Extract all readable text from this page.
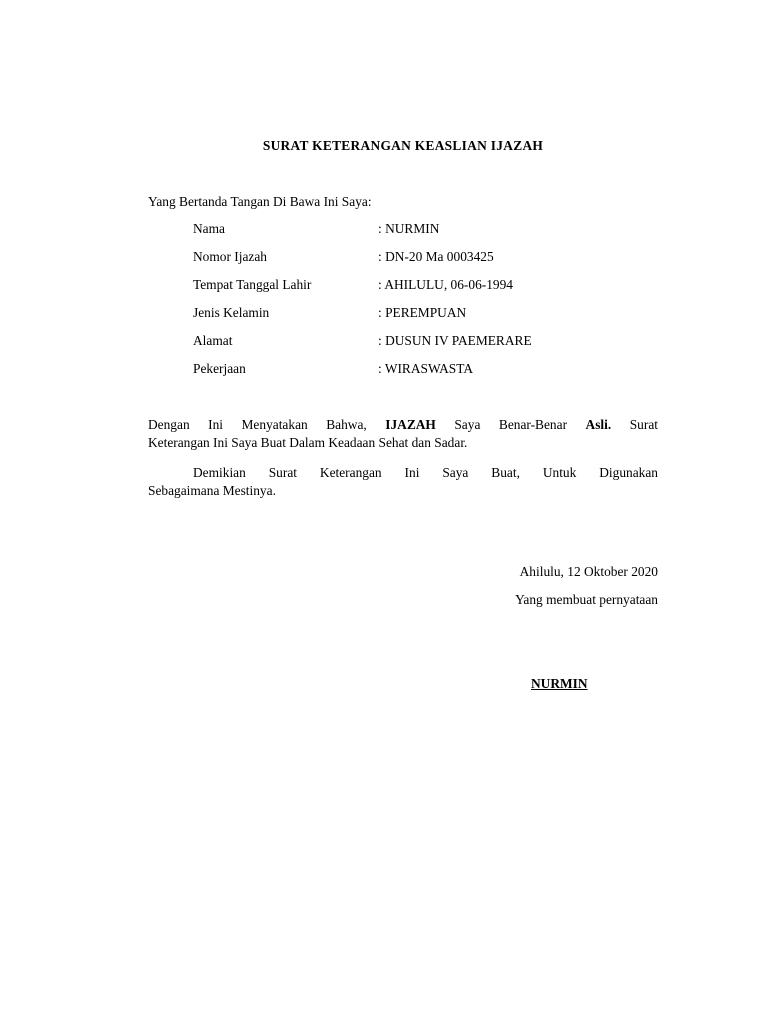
SURAT KETERANGAN KEASLIAN IJAZAH
Yang Bertanda Tangan Di Bawa Ini Saya:
Nama	: NURMIN
Nomor Ijazah	: DN-20 Ma 0003425
Tempat Tanggal Lahir	: AHILULU, 06-06-1994
Jenis Kelamin	: PEREMPUAN
Alamat	: DUSUN IV PAEMERARE
Pekerjaan	: WIRASWASTA
Dengan Ini Menyatakan Bahwa, IJAZAH Saya Benar-Benar Asli. Surat
Keterangan Ini Saya Buat Dalam Keadaan Sehat dan Sadar.
Demikian Surat Keterangan Ini Saya Buat, Untuk Digunakan
Sebagaimana Mestinya.
Ahilulu, 12 Oktober 2020
Yang membuat pernyataan
NURMIN
